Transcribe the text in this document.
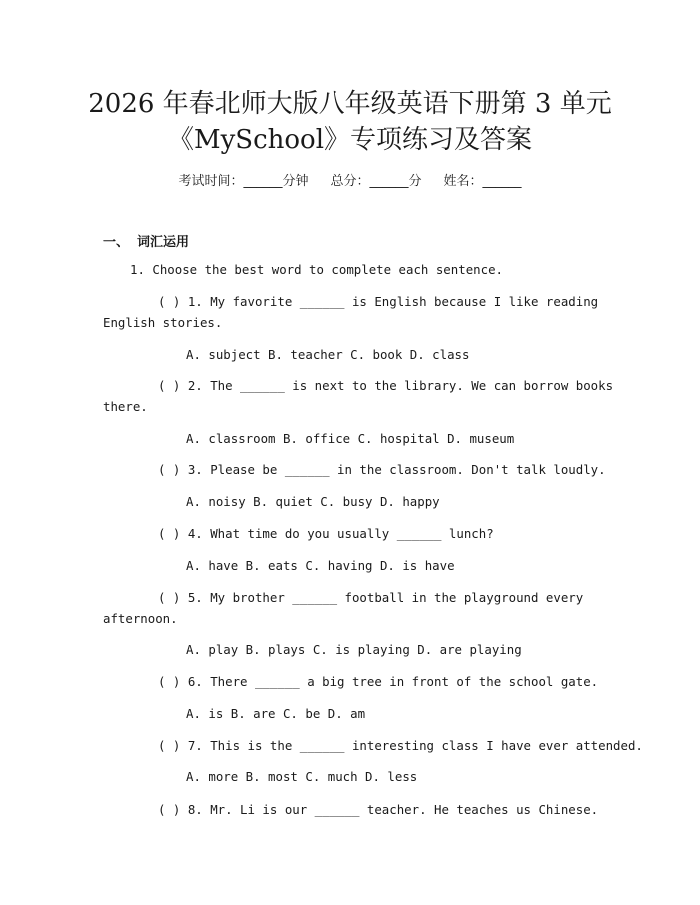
2026 年春北师大版八年级英语下册第 3 单元
《MySchool》专项练习及答案
考试时间：______分钟 总分：______分 姓名：______
一、 词汇运用
1. Choose the best word to complete each sentence.
( ) 1. My favorite ______ is English because I like reading
English stories.
A. subject B. teacher C. book D. class
( ) 2. The ______ is next to the library. We can borrow books
there.
A. classroom B. office C. hospital D. museum
( ) 3. Please be ______ in the classroom. Don't talk loudly.
A. noisy B. quiet C. busy D. happy
( ) 4. What time do you usually ______ lunch?
A. have B. eats C. having D. is have
( ) 5. My brother ______ football in the playground every
afternoon.
A. play B. plays C. is playing D. are playing
( ) 6. There ______ a big tree in front of the school gate.
A. is B. are C. be D. am
( ) 7. This is the ______ interesting class I have ever attended.
A. more B. most C. much D. less
( ) 8. Mr. Li is our ______ teacher. He teaches us Chinese.
